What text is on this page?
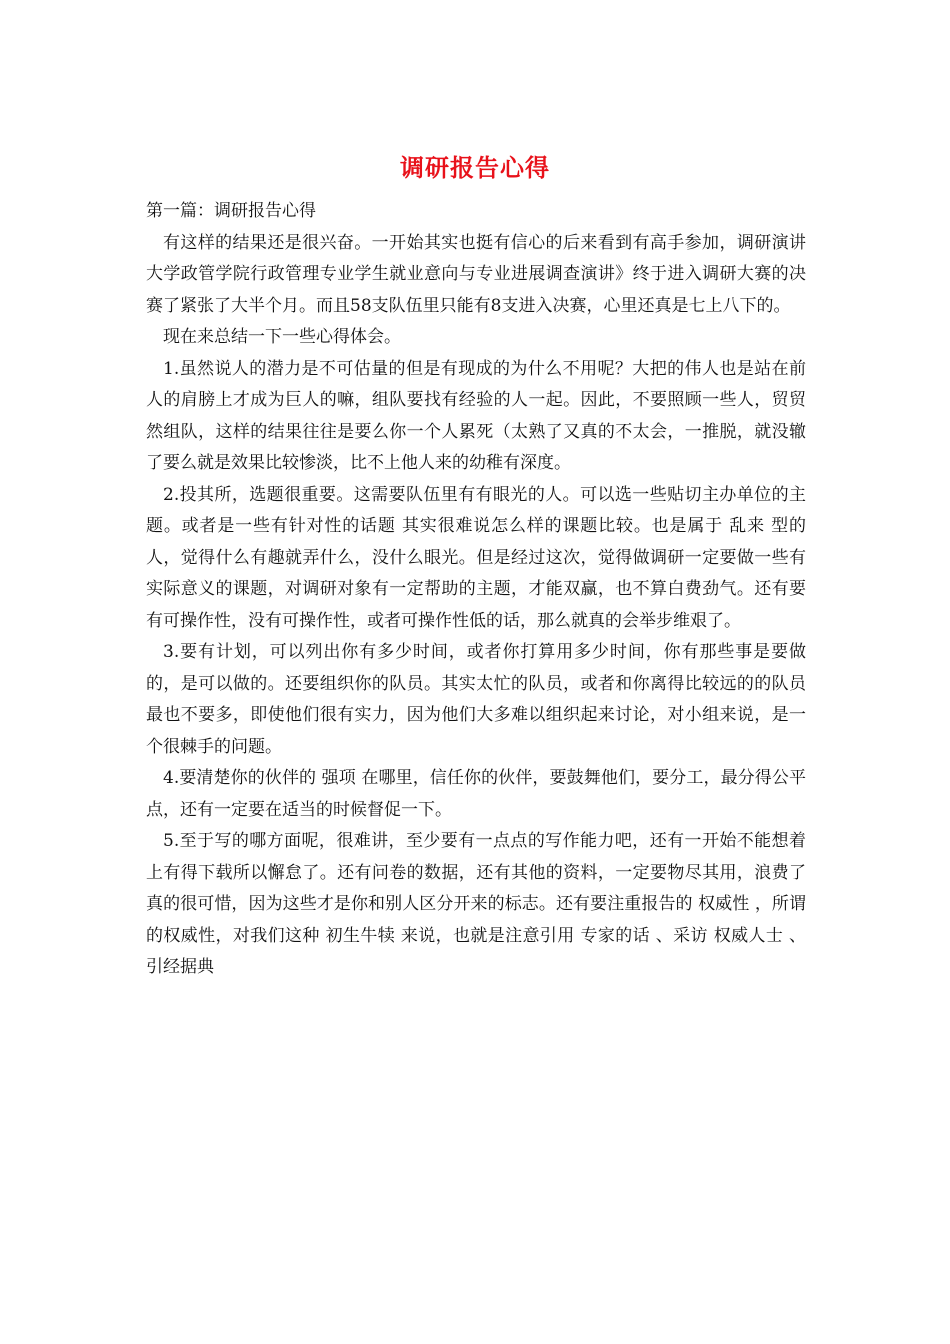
调研报告心得

第一篇：调研报告心得

有这样的结果还是很兴奋。一开始其实也挺有信心的后来看到有高手参加，调研演讲 大学政管学院行政管理专业学生就业意向与专业进展调查演讲》终于进入调研大赛的决赛了紧张了大半个月。而且58支队伍里只能有8支进入决赛，心里还真是七上八下的。

现在来总结一下一些心得体会。

1.虽然说人的潜力是不可估量的但是有现成的为什么不用呢？大把的伟人也是站在前人的肩膀上才成为巨人的嘛，组队要找有经验的人一起。因此，不要照顾一些人，贸贸然组队，这样的结果往往是要么你一个人累死（太熟了又真的不太会，一推脱，就没辙了要么就是效果比较惨淡，比不上他人来的幼稚有深度。

2.投其所，选题很重要。这需要队伍里有有眼光的人。可以选一些贴切主办单位的主题。或者是一些有针对性的话题 其实很难说怎么样的课题比较。也是属于 乱来 型的人，觉得什么有趣就弄什么，没什么眼光。但是经过这次，觉得做调研一定要做一些有实际意义的课题，对调研对象有一定帮助的主题，才能双赢，也不算白费劲气。还有要有可操作性，没有可操作性，或者可操作性低的话，那么就真的会举步维艰了。

3.要有计划，可以列出你有多少时间，或者你打算用多少时间，你有那些事是要做的，是可以做的。还要组织你的队员。其实太忙的队员，或者和你离得比较远的的队员最也不要多，即使他们很有实力，因为他们大多难以组织起来讨论，对小组来说，是一个很棘手的问题。

4.要清楚你的伙伴的 强项 在哪里，信任你的伙伴，要鼓舞他们，要分工，最分得公平点，还有一定要在适当的时候督促一下。

5.至于写的哪方面呢，很难讲，至少要有一点点的写作能力吧，还有一开始不能想着上有得下载所以懈怠了。还有问卷的数据，还有其他的资料，一定要物尽其用，浪费了真的很可惜，因为这些才是你和别人区分开来的标志。还有要注重报告的 权威性 ，所谓的权威性，对我们这种 初生牛犊 来说，也就是注意引用 专家的话 、采访 权威人士 、 引经据典
